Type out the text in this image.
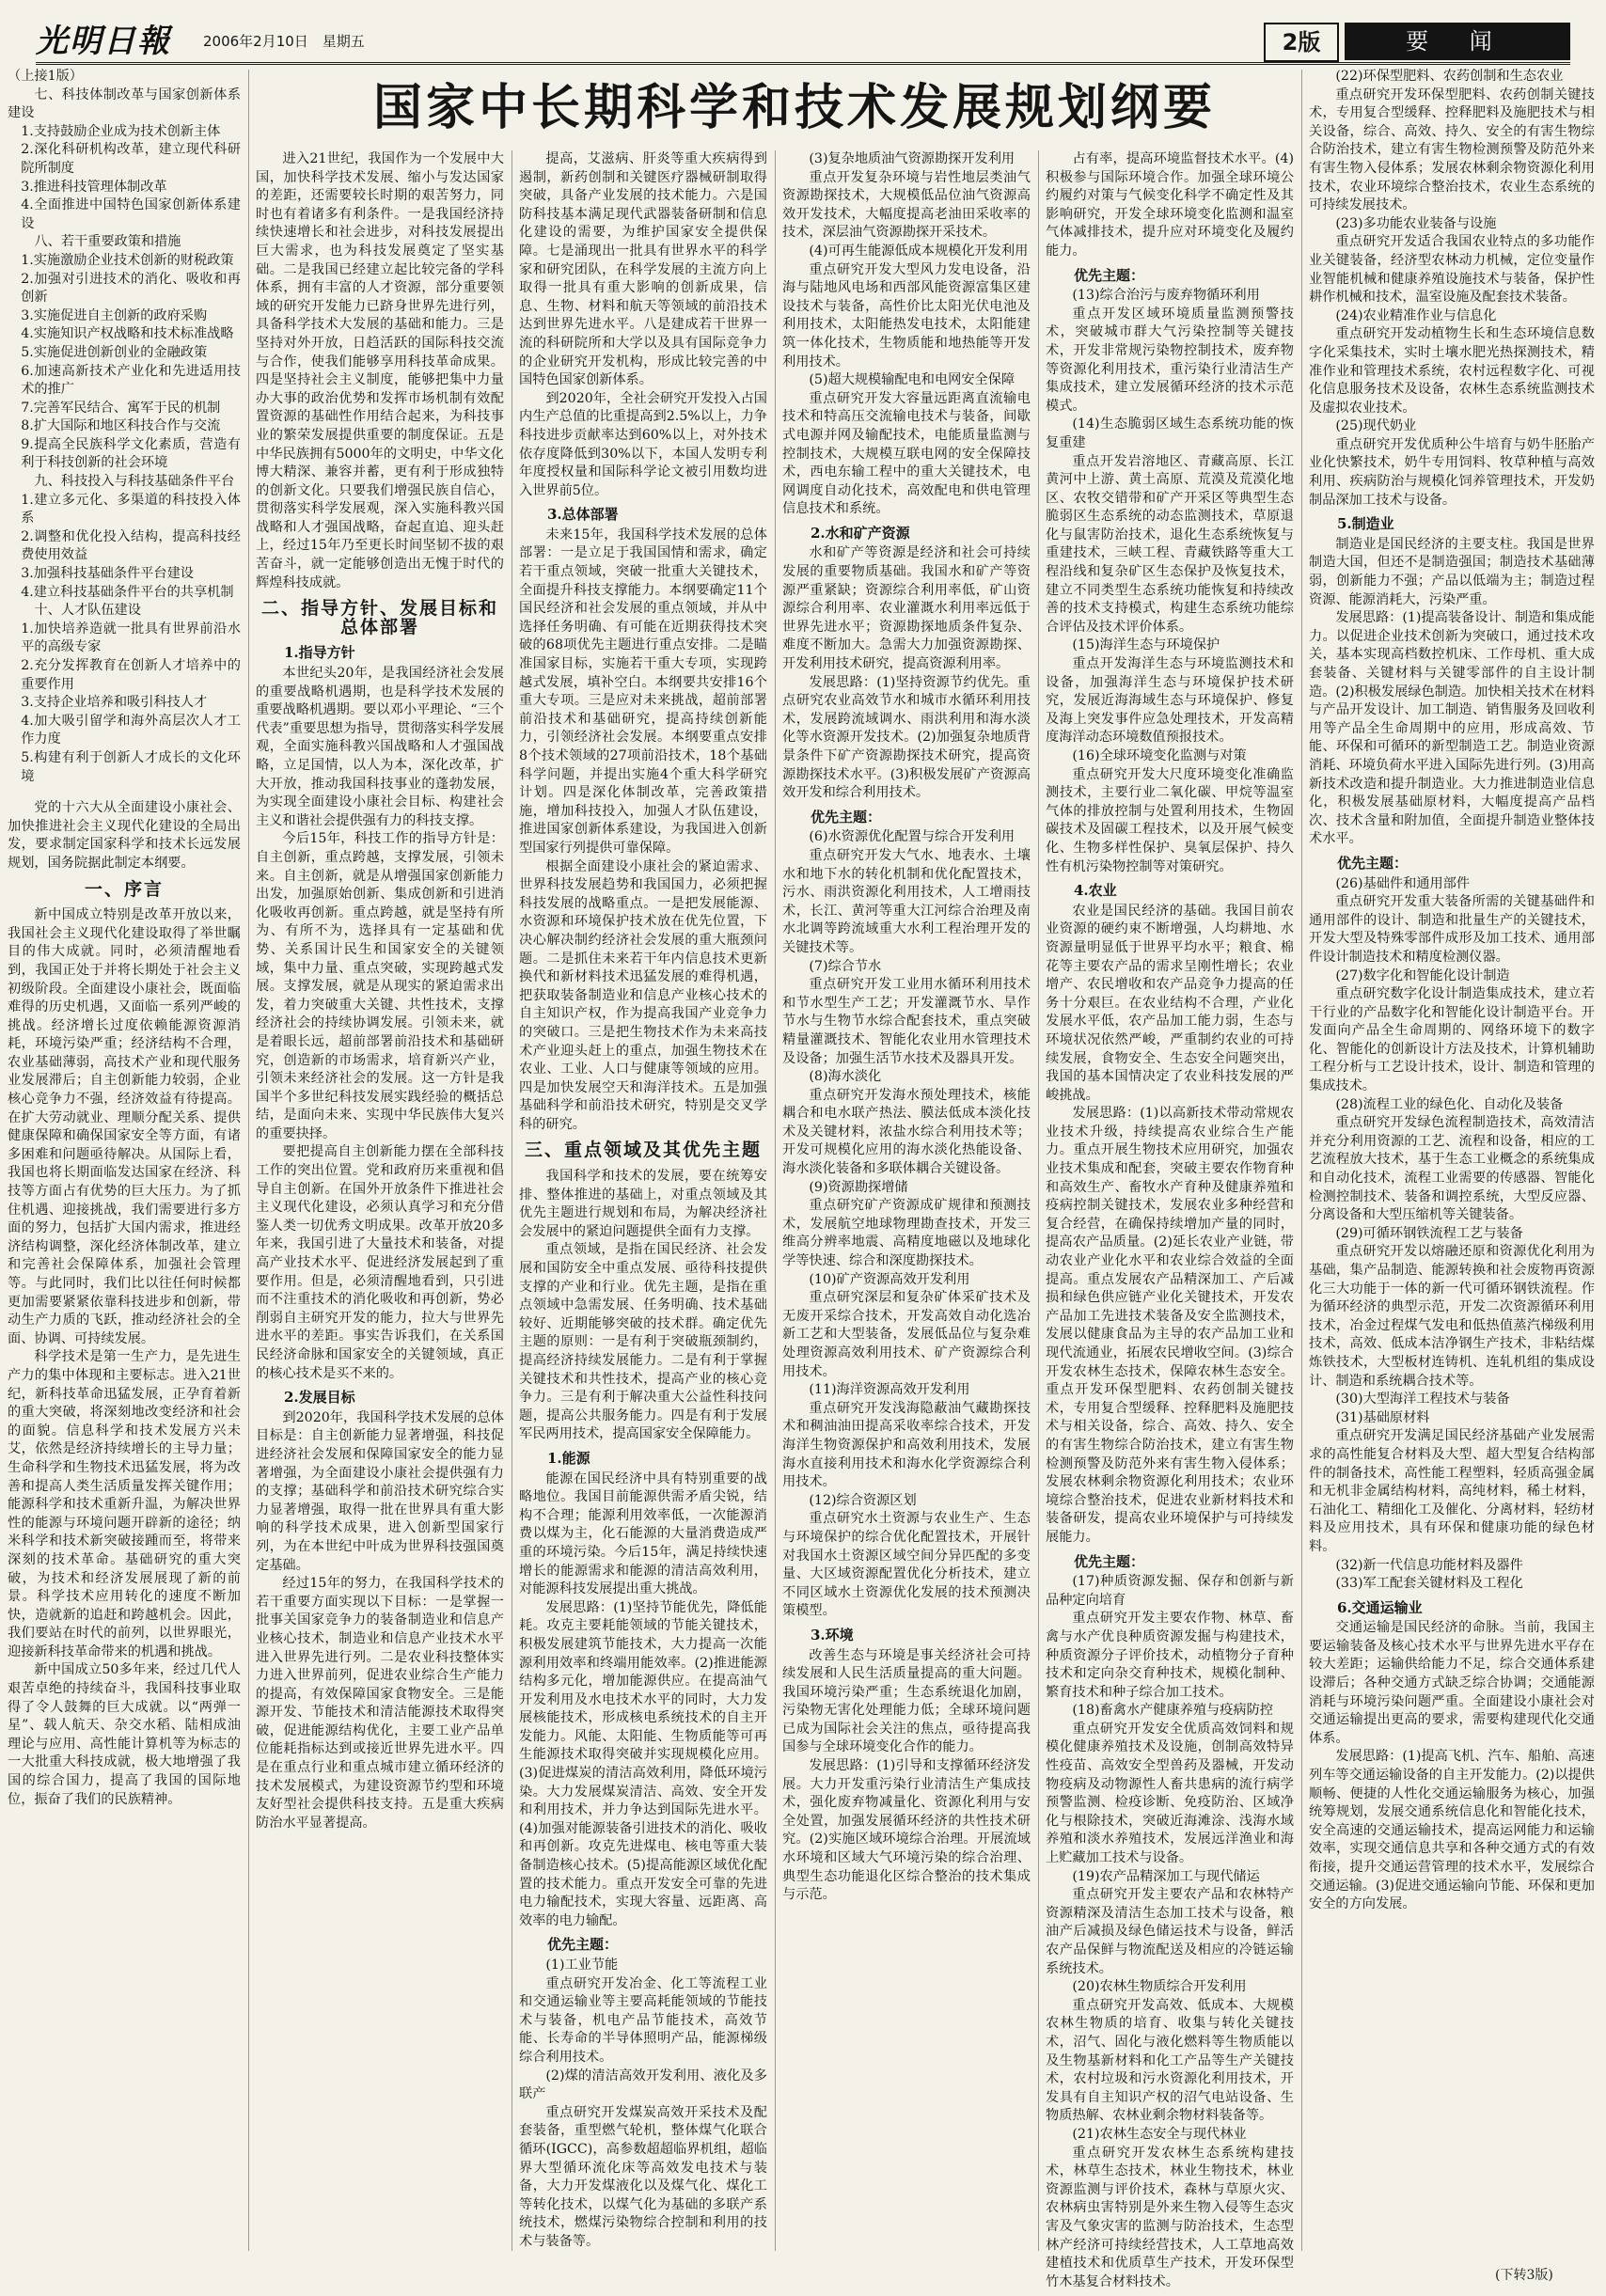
光明日報 2006年2月10日　星期五	2版	要 闻
国家中长期科学和技术发展规划纲要

（上接1版）

七、科技体制改革与国家创新体系建设

1.支持鼓励企业成为技术创新主体

2.深化科研机构改革，建立现代科研院所制度

3.推进科技管理体制改革

4.全面推进中国特色国家创新体系建设

八、若干重要政策和措施

1.实施激励企业技术创新的财税政策

2.加强对引进技术的消化、吸收和再创新

3.实施促进自主创新的政府采购

4.实施知识产权战略和技术标准战略

5.实施促进创新创业的金融政策

6.加速高新技术产业化和先进适用技术的推广

7.完善军民结合、寓军于民的机制

8.扩大国际和地区科技合作与交流

9.提高全民族科学文化素质，营造有利于科技创新的社会环境

九、科技投入与科技基础条件平台

1.建立多元化、多渠道的科技投入体系

2.调整和优化投入结构，提高科技经费使用效益

3.加强科技基础条件平台建设

4.建立科技基础条件平台的共享机制

十、人才队伍建设

1.加快培养造就一批具有世界前沿水平的高级专家

2.充分发挥教育在创新人才培养中的重要作用

3.支持企业培养和吸引科技人才

4.加大吸引留学和海外高层次人才工作力度

5.构建有利于创新人才成长的文化环境

党的十六大从全面建设小康社会、加快推进社会主义现代化建设的全局出发，要求制定国家科学和技术长远发展规划，国务院据此制定本纲要。

一、序言

新中国成立特别是改革开放以来，我国社会主义现代化建设取得了举世瞩目的伟大成就。同时，必须清醒地看到，我国正处于并将长期处于社会主义初级阶段。全面建设小康社会，既面临难得的历史机遇，又面临一系列严峻的挑战。经济增长过度依赖能源资源消耗，环境污染严重；经济结构不合理，农业基础薄弱，高技术产业和现代服务业发展滞后；自主创新能力较弱，企业核心竞争力不强，经济效益有待提高。在扩大劳动就业、理顺分配关系、提供健康保障和确保国家安全等方面，有诸多困难和问题亟待解决。从国际上看，我国也将长期面临发达国家在经济、科技等方面占有优势的巨大压力。为了抓住机遇、迎接挑战，我们需要进行多方面的努力，包括扩大国内需求，推进经济结构调整，深化经济体制改革，建立和完善社会保障体系，加强社会管理等。与此同时，我们比以往任何时候都更加需要紧紧依靠科技进步和创新，带动生产力质的飞跃，推动经济社会的全面、协调、可持续发展。

科学技术是第一生产力，是先进生产力的集中体现和主要标志。进入21世纪，新科技革命迅猛发展，正孕育着新的重大突破，将深刻地改变经济和社会的面貌。信息科学和技术发展方兴未艾，依然是经济持续增长的主导力量；生命科学和生物技术迅猛发展，将为改善和提高人类生活质量发挥关键作用；能源科学和技术重新升温，为解决世界性的能源与环境问题开辟新的途径；纳米科学和技术新突破接踵而至，将带来深刻的技术革命。基础研究的重大突破，为技术和经济发展展现了新的前景。科学技术应用转化的速度不断加快，造就新的追赶和跨越机会。因此，我们要站在时代的前列，以世界眼光，迎接新科技革命带来的机遇和挑战。

新中国成立50多年来，经过几代人艰苦卓绝的持续奋斗，我国科技事业取得了令人鼓舞的巨大成就。以“两弹一星”、载人航天、杂交水稻、陆相成油理论与应用、高性能计算机等为标志的一大批重大科技成就，极大地增强了我国的综合国力，提高了我国的国际地位，振奋了我们的民族精神。

进入21世纪，我国作为一个发展中大国，加快科学技术发展、缩小与发达国家的差距，还需要较长时期的艰苦努力，同时也有着诸多有利条件。一是我国经济持续快速增长和社会进步，对科技发展提出巨大需求，也为科技发展奠定了坚实基础。二是我国已经建立起比较完备的学科体系，拥有丰富的人才资源，部分重要领域的研究开发能力已跻身世界先进行列，具备科学技术大发展的基础和能力。三是坚持对外开放，日趋活跃的国际科技交流与合作，使我们能够享用科技革命成果。四是坚持社会主义制度，能够把集中力量办大事的政治优势和发挥市场机制有效配置资源的基础性作用结合起来，为科技事业的繁荣发展提供重要的制度保证。五是中华民族拥有5000年的文明史，中华文化博大精深、兼容并蓄，更有利于形成独特的创新文化。只要我们增强民族自信心，贯彻落实科学发展观，深入实施科教兴国战略和人才强国战略，奋起直追、迎头赶上，经过15年乃至更长时间坚韧不拔的艰苦奋斗，就一定能够创造出无愧于时代的辉煌科技成就。

二、指导方针、发展目标和总体部署
1.指导方针

本世纪头20年，是我国经济社会发展的重要战略机遇期，也是科学技术发展的重要战略机遇期。要以邓小平理论、“三个代表”重要思想为指导，贯彻落实科学发展观，全面实施科教兴国战略和人才强国战略，立足国情，以人为本，深化改革，扩大开放，推动我国科技事业的蓬勃发展，为实现全面建设小康社会目标、构建社会主义和谐社会提供强有力的科技支撑。

今后15年，科技工作的指导方针是：自主创新，重点跨越，支撑发展，引领未来。自主创新，就是从增强国家创新能力出发，加强原始创新、集成创新和引进消化吸收再创新。重点跨越，就是坚持有所为、有所不为，选择具有一定基础和优势、关系国计民生和国家安全的关键领域，集中力量、重点突破，实现跨越式发展。支撑发展，就是从现实的紧迫需求出发，着力突破重大关键、共性技术，支撑经济社会的持续协调发展。引领未来，就是着眼长远，超前部署前沿技术和基础研究，创造新的市场需求，培育新兴产业，引领未来经济社会的发展。这一方针是我国半个多世纪科技发展实践经验的概括总结，是面向未来、实现中华民族伟大复兴的重要抉择。

要把提高自主创新能力摆在全部科技工作的突出位置。党和政府历来重视和倡导自主创新。在国外开放条件下推进社会主义现代化建设，必须认真学习和充分借鉴人类一切优秀文明成果。改革开放20多年来，我国引进了大量技术和装备，对提高产业技术水平、促进经济发展起到了重要作用。但是，必须清醒地看到，只引进而不注重技术的消化吸收和再创新，势必削弱自主研究开发的能力，拉大与世界先进水平的差距。事实告诉我们，在关系国民经济命脉和国家安全的关键领域，真正的核心技术是买不来的。

2.发展目标

到2020年，我国科学技术发展的总体目标是：自主创新能力显著增强，科技促进经济社会发展和保障国家安全的能力显著增强，为全面建设小康社会提供强有力的支撑；基础科学和前沿技术研究综合实力显著增强，取得一批在世界具有重大影响的科学技术成果，进入创新型国家行列，为在本世纪中叶成为世界科技强国奠定基础。

经过15年的努力，在我国科学技术的若干重要方面实现以下目标：一是掌握一批事关国家竞争力的装备制造业和信息产业核心技术，制造业和信息产业技术水平进入世界先进行列。二是农业科技整体实力进入世界前列，促进农业综合生产能力的提高，有效保障国家食物安全。三是能源开发、节能技术和清洁能源技术取得突破，促进能源结构优化，主要工业产品单位能耗指标达到或接近世界先进水平。四是在重点行业和重点城市建立循环经济的技术发展模式，为建设资源节约型和环境友好型社会提供科技支持。五是重大疾病防治水平显著提高。

提高，艾滋病、肝炎等重大疾病得到遏制，新药创制和关键医疗器械研制取得突破，具备产业发展的技术能力。六是国防科技基本满足现代武器装备研制和信息化建设的需要，为维护国家安全提供保障。七是涌现出一批具有世界水平的科学家和研究团队，在科学发展的主流方向上取得一批具有重大影响的创新成果，信息、生物、材料和航天等领域的前沿技术达到世界先进水平。八是建成若干世界一流的科研院所和大学以及具有国际竞争力的企业研究开发机构，形成比较完善的中国特色国家创新体系。

到2020年，全社会研究开发投入占国内生产总值的比重提高到2.5%以上，力争科技进步贡献率达到60%以上，对外技术依存度降低到30%以下，本国人发明专利年度授权量和国际科学论文被引用数均进入世界前5位。

3.总体部署

未来15年，我国科学技术发展的总体部署：一是立足于我国国情和需求，确定若干重点领域，突破一批重大关键技术，全面提升科技支撑能力。本纲要确定11个国民经济和社会发展的重点领域，并从中选择任务明确、有可能在近期获得技术突破的68项优先主题进行重点安排。二是瞄准国家目标，实施若干重大专项，实现跨越式发展，填补空白。本纲要共安排16个重大专项。三是应对未来挑战，超前部署前沿技术和基础研究，提高持续创新能力，引领经济社会发展。本纲要重点安排8个技术领域的27项前沿技术，18个基础科学问题，并提出实施4个重大科学研究计划。四是深化体制改革，完善政策措施，增加科技投入，加强人才队伍建设，推进国家创新体系建设，为我国进入创新型国家行列提供可靠保障。

根据全面建设小康社会的紧迫需求、世界科技发展趋势和我国国力，必须把握科技发展的战略重点。一是把发展能源、水资源和环境保护技术放在优先位置，下决心解决制约经济社会发展的重大瓶颈问题。二是抓住未来若干年内信息技术更新换代和新材料技术迅猛发展的难得机遇，把获取装备制造业和信息产业核心技术的自主知识产权，作为提高我国产业竞争力的突破口。三是把生物技术作为未来高技术产业迎头赶上的重点，加强生物技术在农业、工业、人口与健康等领域的应用。四是加快发展空天和海洋技术。五是加强基础科学和前沿技术研究，特别是交叉学科的研究。

三、重点领域及其优先主题

我国科学和技术的发展，要在统筹安排、整体推进的基础上，对重点领域及其优先主题进行规划和布局，为解决经济社会发展中的紧迫问题提供全面有力支撑。

重点领域，是指在国民经济、社会发展和国防安全中重点发展、亟待科技提供支撑的产业和行业。优先主题，是指在重点领域中急需发展、任务明确、技术基础较好、近期能够突破的技术群。确定优先主题的原则：一是有利于突破瓶颈制约，提高经济持续发展能力。二是有利于掌握关键技术和共性技术，提高产业的核心竞争力。三是有利于解决重大公益性科技问题，提高公共服务能力。四是有利于发展军民两用技术，提高国家安全保障能力。

1.能源

能源在国民经济中具有特别重要的战略地位。我国目前能源供需矛盾尖锐，结构不合理；能源利用效率低，一次能源消费以煤为主，化石能源的大量消费造成严重的环境污染。今后15年，满足持续快速增长的能源需求和能源的清洁高效利用，对能源科技发展提出重大挑战。

发展思路：(1)坚持节能优先，降低能耗。攻克主要耗能领域的节能关键技术，积极发展建筑节能技术，大力提高一次能源利用效率和终端用能效率。(2)推进能源结构多元化，增加能源供应。在提高油气开发利用及水电技术水平的同时，大力发展核能技术，形成核电系统技术的自主开发能力。风能、太阳能、生物质能等可再生能源技术取得突破并实现规模化应用。(3)促进煤炭的清洁高效利用，降低环境污染。大力发展煤炭清洁、高效、安全开发和利用技术，并力争达到国际先进水平。(4)加强对能源装备引进技术的消化、吸收和再创新。攻克先进煤电、核电等重大装备制造核心技术。(5)提高能源区域优化配置的技术能力。重点开发安全可靠的先进电力输配技术，实现大容量、远距离、高效率的电力输配。

优先主题：

(1)工业节能

重点研究开发冶金、化工等流程工业和交通运输业等主要高耗能领域的节能技术与装备，机电产品节能技术，高效节能、长寿命的半导体照明产品，能源梯级综合利用技术。

(2)煤的清洁高效开发利用、液化及多联产

重点研究开发煤炭高效开采技术及配套装备，重型燃气轮机，整体煤气化联合循环(IGCC)，高参数超超临界机组，超临界大型循环流化床等高效发电技术与装备，大力开发煤液化以及煤气化、煤化工等转化技术，以煤气化为基础的多联产系统技术，燃煤污染物综合控制和利用的技术与装备等。

(3)复杂地质油气资源勘探开发利用

重点开发复杂环境与岩性地层类油气资源勘探技术，大规模低品位油气资源高效开发技术，大幅度提高老油田采收率的技术，深层油气资源勘探开采技术。

(4)可再生能源低成本规模化开发利用

重点研究开发大型风力发电设备，沿海与陆地风电场和西部风能资源富集区建设技术与装备，高性价比太阳光伏电池及利用技术，太阳能热发电技术，太阳能建筑一体化技术，生物质能和地热能等开发利用技术。

(5)超大规模输配电和电网安全保障

重点研究开发大容量远距离直流输电技术和特高压交流输电技术与装备，间歇式电源并网及输配技术，电能质量监测与控制技术，大规模互联电网的安全保障技术，西电东输工程中的重大关键技术，电网调度自动化技术，高效配电和供电管理信息技术和系统。

2.水和矿产资源

水和矿产等资源是经济和社会可持续发展的重要物质基础。我国水和矿产等资源严重紧缺；资源综合利用率低，矿山资源综合利用率、农业灌溉水利用率远低于世界先进水平；资源勘探地质条件复杂、难度不断加大。急需大力加强资源勘探、开发利用技术研究，提高资源利用率。

发展思路：(1)坚持资源节约优先。重点研究农业高效节水和城市水循环利用技术，发展跨流域调水、雨洪利用和海水淡化等水资源开发技术。(2)加强复杂地质背景条件下矿产资源勘探技术研究，提高资源勘探技术水平。(3)积极发展矿产资源高效开发和综合利用技术。

优先主题：

(6)水资源优化配置与综合开发利用

重点研究开发大气水、地表水、土壤水和地下水的转化机制和优化配置技术，污水、雨洪资源化利用技术，人工增雨技术，长江、黄河等重大江河综合治理及南水北调等跨流域重大水利工程治理开发的关键技术等。

(7)综合节水

重点研究开发工业用水循环利用技术和节水型生产工艺；开发灌溉节水、旱作节水与生物节水综合配套技术，重点突破精量灌溉技术、智能化农业用水管理技术及设备；加强生活节水技术及器具开发。

(8)海水淡化

重点研究开发海水预处理技术，核能耦合和电水联产热法、膜法低成本淡化技术及关键材料，浓盐水综合利用技术等；开发可规模化应用的海水淡化热能设备、海水淡化装备和多联体耦合关键设备。

(9)资源勘探增储

重点研究矿产资源成矿规律和预测技术，发展航空地球物理勘查技术，开发三维高分辨率地震、高精度地磁以及地球化学等快速、综合和深度勘探技术。

(10)矿产资源高效开发利用

重点研究深层和复杂矿体采矿技术及无废开采综合技术，开发高效自动化选冶新工艺和大型装备，发展低品位与复杂难处理资源高效利用技术、矿产资源综合利用技术。

(11)海洋资源高效开发利用

重点研究开发浅海隐蔽油气藏勘探技术和稠油油田提高采收率综合技术，开发海洋生物资源保护和高效利用技术，发展海水直接利用技术和海水化学资源综合利用技术。

(12)综合资源区划

重点研究水土资源与农业生产、生态与环境保护的综合优化配置技术，开展针对我国水土资源区域空间分异匹配的多变量、大区域资源配置优化分析技术，建立不同区域水土资源优化发展的技术预测决策模型。

3.环境

改善生态与环境是事关经济社会可持续发展和人民生活质量提高的重大问题。我国环境污染严重；生态系统退化加剧，污染物无害化处理能力低；全球环境问题已成为国际社会关注的焦点，亟待提高我国参与全球环境变化合作的能力。

发展思路：(1)引导和支撑循环经济发展。大力开发重污染行业清洁生产集成技术，强化废弃物减量化、资源化利用与安全处置，加强发展循环经济的共性技术研究。(2)实施区域环境综合治理。开展流域水环境和区域大气环境污染的综合治理、典型生态功能退化区综合整治的技术集成与示范。

占有率，提高环境监督技术水平。(4)积极参与国际环境合作。加强全球环境公约履约对策与气候变化科学不确定性及其影响研究，开发全球环境变化监测和温室气体减排技术，提升应对环境变化及履约能力。

优先主题：

(13)综合治污与废弃物循环利用

重点开发区域环境质量监测预警技术，突破城市群大气污染控制等关键技术，开发非常规污染物控制技术，废弃物等资源化利用技术，重污染行业清洁生产集成技术，建立发展循环经济的技术示范模式。

(14)生态脆弱区域生态系统功能的恢复重建

重点开发岩溶地区、青藏高原、长江黄河中上游、黄土高原、荒漠及荒漠化地区、农牧交错带和矿产开采区等典型生态脆弱区生态系统的动态监测技术，草原退化与鼠害防治技术，退化生态系统恢复与重建技术，三峡工程、青藏铁路等重大工程沿线和复杂矿区生态保护及恢复技术，建立不同类型生态系统功能恢复和持续改善的技术支持模式，构建生态系统功能综合评估及技术评价体系。

(15)海洋生态与环境保护

重点开发海洋生态与环境监测技术和设备，加强海洋生态与环境保护技术研究，发展近海海域生态与环境保护、修复及海上突发事件应急处理技术，开发高精度海洋动态环境数值预报技术。

(16)全球环境变化监测与对策

重点研究开发大尺度环境变化准确监测技术，主要行业二氧化碳、甲烷等温室气体的排放控制与处置利用技术，生物固碳技术及固碳工程技术，以及开展气候变化、生物多样性保护、臭氧层保护、持久性有机污染物控制等对策研究。

4.农业

农业是国民经济的基础。我国目前农业资源的硬约束不断增强，人均耕地、水资源量明显低于世界平均水平；粮食、棉花等主要农产品的需求呈刚性增长；农业增产、农民增收和农产品竞争力提高的任务十分艰巨。在农业结构不合理，产业化发展水平低，农产品加工能力弱，生态与环境状况依然严峻，严重制约农业的可持续发展，食物安全、生态安全问题突出，我国的基本国情决定了农业科技发展的严峻挑战。

发展思路：(1)以高新技术带动常规农业技术升级，持续提高农业综合生产能力。重点开展生物技术应用研究，加强农业技术集成和配套，突破主要农作物育种和高效生产、畜牧水产育种及健康养殖和疫病控制关键技术，发展农业多种经营和复合经营，在确保持续增加产量的同时，提高农产品质量。(2)延长农业产业链，带动农业产业化水平和农业综合效益的全面提高。重点发展农产品精深加工、产后减损和绿色供应链产业化关键技术，开发农产品加工先进技术装备及安全监测技术，发展以健康食品为主导的农产品加工业和现代流通业，拓展农民增收空间。(3)综合开发农林生态技术，保障农林生态安全。重点开发环保型肥料、农药创制关键技术，专用复合型缓释、控释肥料及施肥技术与相关设备，综合、高效、持久、安全的有害生物综合防治技术，建立有害生物检测预警及防范外来有害生物入侵体系；发展农林剩余物资源化利用技术；农业环境综合整治技术，促进农业新材料技术和装备研发，提高农业环境保护与可持续发展能力。

优先主题：

(17)种质资源发掘、保存和创新与新品种定向培育

重点研究开发主要农作物、林草、畜禽与水产优良种质资源发掘与构建技术，种质资源分子评价技术，动植物分子育种技术和定向杂交育种技术，规模化制种、繁育技术和种子综合加工技术。

(18)畜禽水产健康养殖与疫病防控

重点研究开发安全优质高效饲料和规模化健康养殖技术及设施，创制高效特异性疫苗、高效安全型兽药及器械，开发动物疫病及动物源性人畜共患病的流行病学预警监测、检疫诊断、免疫防治、区域净化与根除技术，突破近海滩涂、浅海水域养殖和淡水养殖技术，发展远洋渔业和海上贮藏加工技术与设备。

(19)农产品精深加工与现代储运

重点研究开发主要农产品和农林特产资源精深及清洁生态加工技术与设备，粮油产后减损及绿色储运技术与设备，鲜活农产品保鲜与物流配送及相应的冷链运输系统技术。

(20)农林生物质综合开发利用

重点研究开发高效、低成本、大规模农林生物质的培育、收集与转化关键技术，沼气、固化与液化燃料等生物质能以及生物基新材料和化工产品等生产关键技术，农村垃圾和污水资源化利用技术，开发具有自主知识产权的沼气电站设备、生物质热解、农林业剩余物材料装备等。

(21)农林生态安全与现代林业

重点研究开发农林生态系统构建技术，林草生态技术，林业生物技术，林业资源监测与评价技术，森林与草原火灾、农林病虫害特别是外来生物入侵等生态灾害及气象灾害的监测与防治技术，生态型林产经济可持续经营技术，人工草地高效建植技术和优质草生产技术，开发环保型竹木基复合材料技术。

(22)环保型肥料、农药创制和生态农业

重点研究开发环保型肥料、农药创制关键技术，专用复合型缓释、控释肥料及施肥技术与相关设备，综合、高效、持久、安全的有害生物综合防治技术，建立有害生物检测预警及防范外来有害生物入侵体系；发展农林剩余物资源化利用技术，农业环境综合整治技术，农业生态系统的可持续发展技术。

(23)多功能农业装备与设施

重点研究开发适合我国农业特点的多功能作业关键装备，经济型农林动力机械，定位变量作业智能机械和健康养殖设施技术与装备，保护性耕作机械和技术，温室设施及配套技术装备。

(24)农业精准作业与信息化

重点研究开发动植物生长和生态环境信息数字化采集技术，实时土壤水肥光热探测技术，精准作业和管理技术系统，农村远程数字化、可视化信息服务技术及设备，农林生态系统监测技术及虚拟农业技术。

(25)现代奶业

重点研究开发优质种公牛培育与奶牛胚胎产业化快繁技术，奶牛专用饲料、牧草种植与高效利用、疾病防治与规模化饲养管理技术，开发奶制品深加工技术与设备。

5.制造业

制造业是国民经济的主要支柱。我国是世界制造大国，但还不是制造强国；制造技术基础薄弱，创新能力不强；产品以低端为主；制造过程资源、能源消耗大，污染严重。

发展思路：(1)提高装备设计、制造和集成能力。以促进企业技术创新为突破口，通过技术攻关，基本实现高档数控机床、工作母机、重大成套装备、关键材料与关键零部件的自主设计制造。(2)积极发展绿色制造。加快相关技术在材料与产品开发设计、加工制造、销售服务及回收利用等产品全生命周期中的应用，形成高效、节能、环保和可循环的新型制造工艺。制造业资源消耗、环境负荷水平进入国际先进行列。(3)用高新技术改造和提升制造业。大力推进制造业信息化，积极发展基础原材料，大幅度提高产品档次、技术含量和附加值，全面提升制造业整体技术水平。

优先主题：

(26)基础件和通用部件

重点研究开发重大装备所需的关键基础件和通用部件的设计、制造和批量生产的关键技术，开发大型及特殊零部件成形及加工技术、通用部件设计制造技术和精度检测仪器。

(27)数字化和智能化设计制造

重点研究数字化设计制造集成技术，建立若干行业的产品数字化和智能化设计制造平台。开发面向产品全生命周期的、网络环境下的数字化、智能化的创新设计方法及技术，计算机辅助工程分析与工艺设计技术，设计、制造和管理的集成技术。

(28)流程工业的绿色化、自动化及装备

重点研究开发绿色流程制造技术，高效清洁并充分利用资源的工艺、流程和设备，相应的工艺流程放大技术，基于生态工业概念的系统集成和自动化技术，流程工业需要的传感器、智能化检测控制技术、装备和调控系统，大型反应器、分离设备和大型压缩机等关键装备。

(29)可循环钢铁流程工艺与装备

重点研究开发以熔融还原和资源优化利用为基础，集产品制造、能源转换和社会废物再资源化三大功能于一体的新一代可循环钢铁流程。作为循环经济的典型示范，开发二次资源循环利用技术，冶金过程煤气发电和低热值蒸汽梯级利用技术，高效、低成本洁净钢生产技术，非粘结煤炼铁技术，大型板材连铸机、连轧机组的集成设计、制造和系统耦合技术等。

(30)大型海洋工程技术与装备

(31)基础原材料

重点研究开发满足国民经济基础产业发展需求的高性能复合材料及大型、超大型复合结构部件的制备技术，高性能工程塑料，轻质高强金属和无机非金属结构材料，高纯材料，稀土材料，石油化工、精细化工及催化、分离材料，轻纺材料及应用技术，具有环保和健康功能的绿色材料。

(32)新一代信息功能材料及器件

(33)军工配套关键材料及工程化

6.交通运输业

交通运输是国民经济的命脉。当前，我国主要运输装备及核心技术水平与世界先进水平存在较大差距；运输供给能力不足，综合交通体系建设滞后；各种交通方式缺乏综合协调；交通能源消耗与环境污染问题严重。全面建设小康社会对交通运输提出更高的要求，需要构建现代化交通体系。

发展思路：(1)提高飞机、汽车、船舶、高速列车等交通运输设备的自主开发能力。(2)以提供顺畅、便捷的人性化交通运输服务为核心，加强统筹规划，发展交通系统信息化和智能化技术，安全高速的交通运输技术，提高运网能力和运输效率，实现交通信息共享和各种交通方式的有效衔接，提升交通运营管理的技术水平，发展综合交通运输。(3)促进交通运输向节能、环保和更加安全的方向发展。

(下转3版)
